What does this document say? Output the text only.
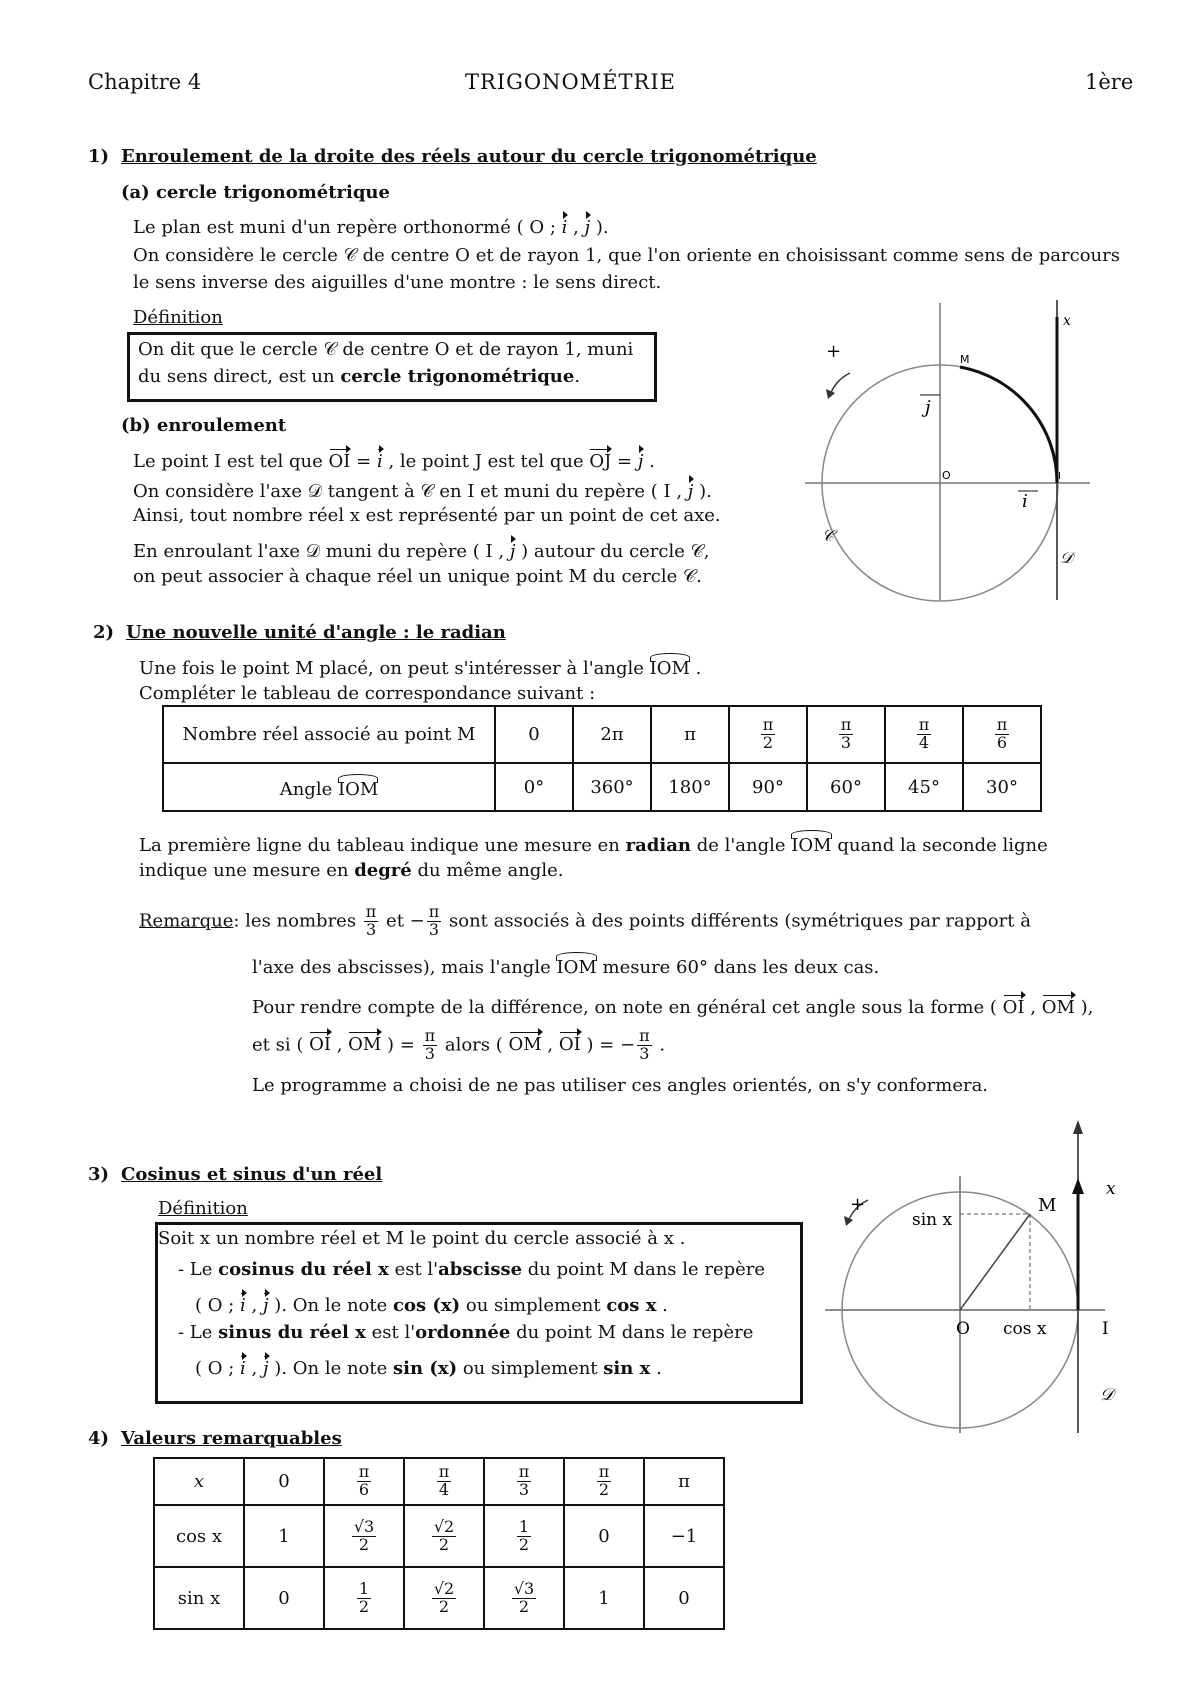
Chapitre 4	TRIGONOMÉTRIE	1ère
1) Enroulement de la droite des réels autour du cercle trigonométrique
(a) cercle trigonométrique
Le plan est muni d'un repère orthonormé ( O ; i , j ).
On considère le cercle 𝒞 de centre O et de rayon 1, que l'on oriente en choisissant comme sens de parcours le sens inverse des aiguilles d'une montre : le sens direct.
Définition
On dit que le cercle 𝒞 de centre O et de rayon 1, muni du sens direct, est un cercle trigonométrique.
(b) enroulement
Le point I est tel que OI = i , le point J est tel que OJ = j .
On considère l'axe 𝒟 tangent à 𝒞 en I et muni du repère ( I , j ).
Ainsi, tout nombre réel x est représenté par un point de cet axe.
En enroulant l'axe 𝒟 muni du repère ( I , j ) autour du cercle 𝒞,
on peut associer à chaque réel un unique point M du cercle 𝒞.
+	M
O	I
x
𝒞
𝒟
j
i
2) Une nouvelle unité d'angle : le radian
Une fois le point M placé, on peut s'intéresser à l'angle IOM .
Compléter le tableau de correspondance suivant :
Nombre réel associé au point M	0	2π	π	$\frac{\pi}{2}$	$\frac{\pi}{3}$	$\frac{\pi}{4}$	$\frac{\pi}{6}$

Angle IOM	0°	360°	180°	90°	60°	45°	30°
La première ligne du tableau indique une mesure en radian de l'angle IOM quand la seconde ligne
indique une mesure en degré du même angle.
Remarque: les nombres $\frac{\pi}{3}$ et − $\frac{\pi}{3}$ sont associés à des points différents (symétriques par rapport à
l'axe des abscisses), mais l'angle IOM mesure 60° dans les deux cas.
Pour rendre compte de la différence, on note en général cet angle sous la forme ( OI , OM ),
et si ( OI , OM ) = $\frac{\pi}{3}$ alors ( OM , OI ) = − $\frac{\pi}{3}$ .
Le programme a choisi de ne pas utiliser ces angles orientés, on s'y conformera.
3) Cosinus et sinus d'un réel
Définition
Soit x un nombre réel et M le point du cercle associé à x .
- Le cosinus du réel x est l'abscisse du point M dans le repère
( O ; i , j ). On le note cos (x) ou simplement cos x .
- Le sinus du réel x est l'ordonnée du point M dans le repère
( O ; i , j ). On le note sin (x) ou simplement sin x .
+	M
sin x
cos x
O	I
x
𝒟
4) Valeurs remarquables
x	0	$\frac{\pi}{6}$	$\frac{\pi}{4}$	$\frac{\pi}{3}$	$\frac{\pi}{2}$	π
cos x	1	$\frac{√3}{2}$	$\frac{√2}{2}$	$\frac{1}{2}$	0	−1
sin x	0	$\frac{1}{2}$	$\frac{√2}{2}$	$\frac{√3}{2}$	1	0
